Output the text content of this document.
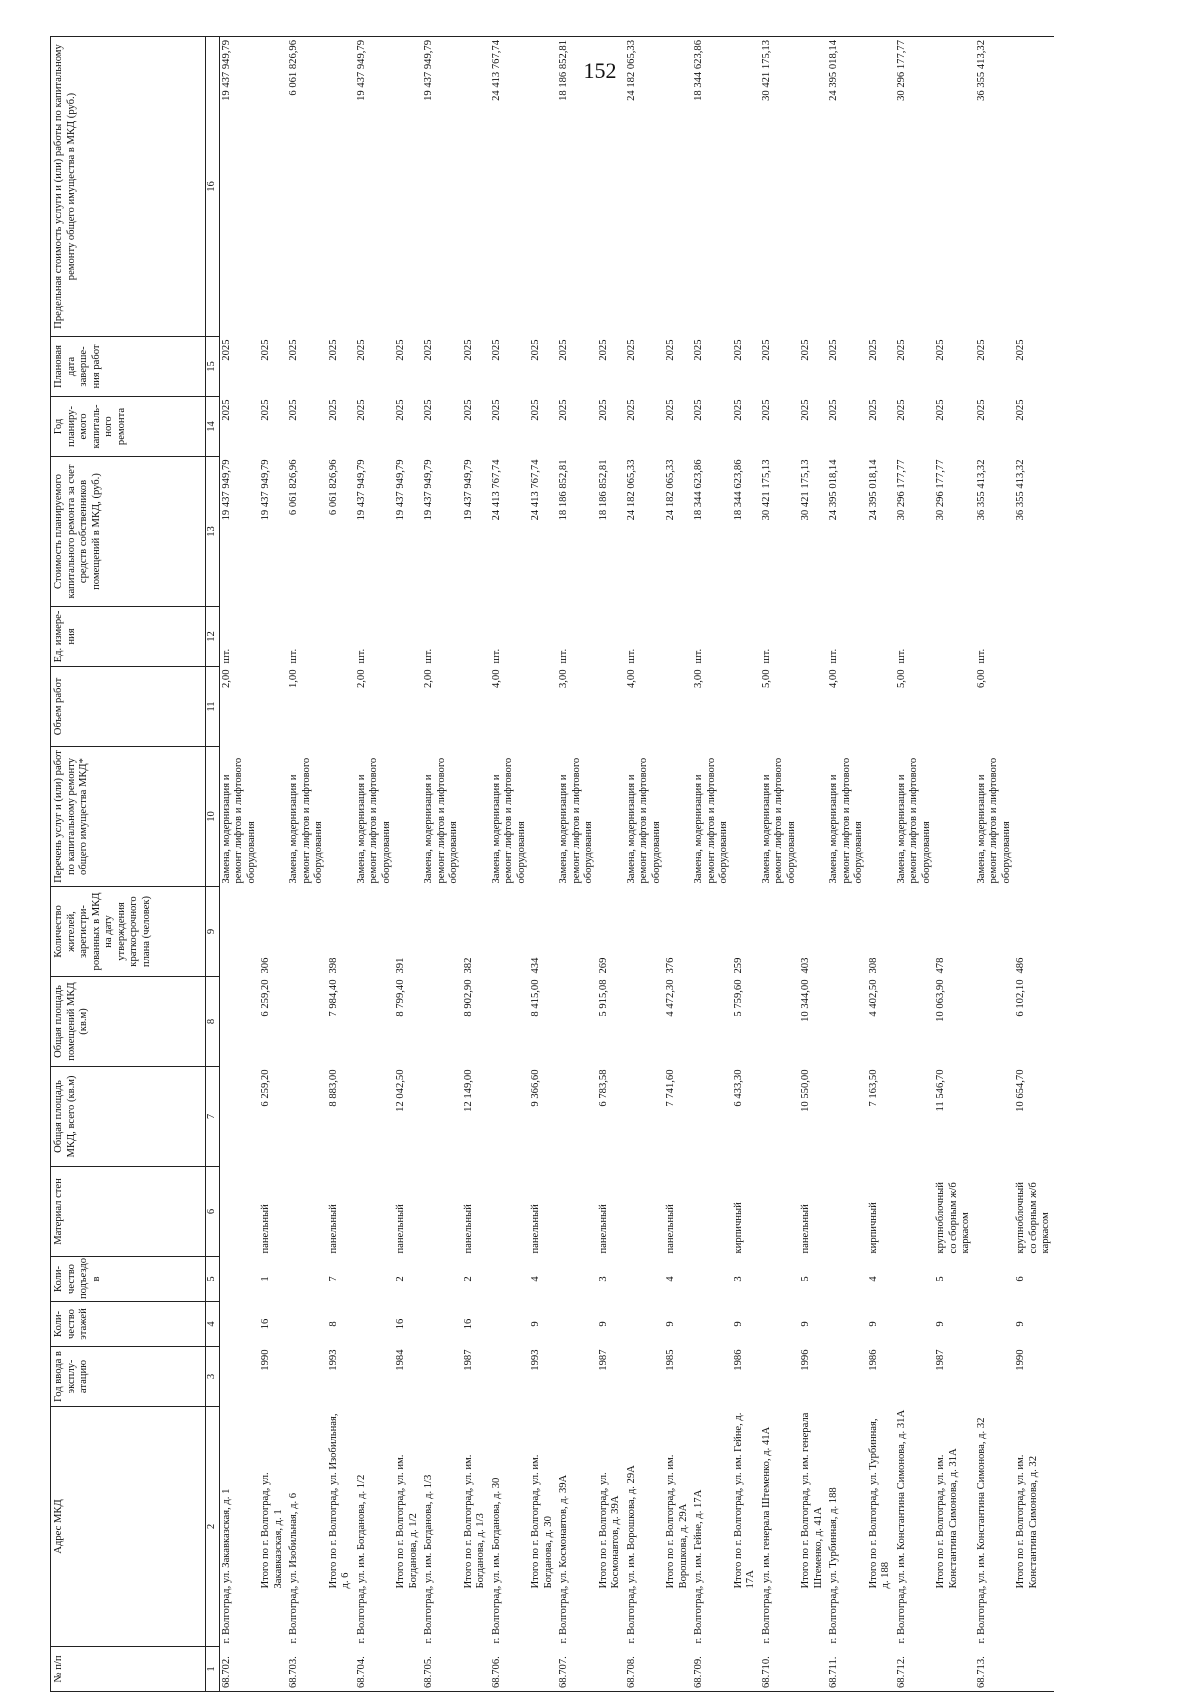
152
№ п/п	Адрес МКД	Год ввода в эксплу-атацию	Коли-чество этажей	Коли-чество подъездо в	Материал стен	Общая площадь МКД, всего (кв.м)	Общая площадь помещений МКД (кв.м)	Количество жителей, зарегистри-рованных в МКД на дату утверждения краткосрочного плана (человек)	Перечень услуг и (или) работ по капитальному ремонту общего имущества МКД*	Объем работ	Ед. измере-ния	Стоимость планируемого капитального ремонта за счет средств собственников помещений в МКД, (руб.)	Год планиру-емого капиталь-ного ремонта	Плановая дата заверше-ния работ	Предельная стоимость услуги и (или) работы по капитальному ремонту общего имущества в МКД (руб.)
1	2	3	4	5	6	7	8	9	10	11	12	13	14	15	16
68.702.	г. Волгоград, ул. Закавказская, д. 1								Замена, модернизация и ремонт лифтов и лифтового оборудования	2,00	шт.	19 437 949,79	2025	2025	19 437 949,79
	Итого по г. Волгоград, ул. Закавказская, д. 1	1990	16	1	панельный	6 259,20	6 259,20	306				19 437 949,79	2025	2025	
68.703.	г. Волгоград, ул. Изобильная, д. 6								Замена, модернизация и ремонт лифтов и лифтового оборудования	1,00	шт.	6 061 826,96	2025	2025	6 061 826,96
	Итого по г. Волгоград, ул. Изобильная, д. 6	1993	8	7	панельный	8 883,00	7 984,40	398				6 061 826,96	2025	2025	
68.704.	г. Волгоград, ул. им. Богданова, д. 1/2								Замена, модернизация и ремонт лифтов и лифтового оборудования	2,00	шт.	19 437 949,79	2025	2025	19 437 949,79
	Итого по г. Волгоград, ул. им. Богданова, д. 1/2	1984	16	2	панельный	12 042,50	8 799,40	391				19 437 949,79	2025	2025	
68.705.	г. Волгоград, ул. им. Богданова, д. 1/3								Замена, модернизация и ремонт лифтов и лифтового оборудования	2,00	шт.	19 437 949,79	2025	2025	19 437 949,79
	Итого по г. Волгоград, ул. им. Богданова, д. 1/3	1987	16	2	панельный	12 149,00	8 902,90	382				19 437 949,79	2025	2025	
68.706.	г. Волгоград, ул. им. Богданова, д. 30								Замена, модернизация и ремонт лифтов и лифтового оборудования	4,00	шт.	24 413 767,74	2025	2025	24 413 767,74
	Итого по г. Волгоград, ул. им. Богданова, д. 30	1993	9	4	панельный	9 366,60	8 415,00	434				24 413 767,74	2025	2025	
68.707.	г. Волгоград, ул. Космонавтов, д. 39А								Замена, модернизация и ремонт лифтов и лифтового оборудования	3,00	шт.	18 186 852,81	2025	2025	18 186 852,81
	Итого по г. Волгоград, ул. Космонавтов, д. 39А	1987	9	3	панельный	6 783,58	5 915,08	269				18 186 852,81	2025	2025	
68.708.	г. Волгоград, ул. им. Ворошкова, д. 29А								Замена, модернизация и ремонт лифтов и лифтового оборудования	4,00	шт.	24 182 065,33	2025	2025	24 182 065,33
	Итого по г. Волгоград, ул. им. Ворошкова, д. 29А	1985	9	4	панельный	7 741,60	4 472,30	376				24 182 065,33	2025	2025	
68.709.	г. Волгоград, ул. им. Гейне, д. 17А								Замена, модернизация и ремонт лифтов и лифтового оборудования	3,00	шт.	18 344 623,86	2025	2025	18 344 623,86
	Итого по г. Волгоград, ул. им. Гейне, д. 17А	1986	9	3	кирпичный	6 433,30	5 759,60	259				18 344 623,86	2025	2025	
68.710.	г. Волгоград, ул. им. генерала Штеменко, д. 41А								Замена, модернизация и ремонт лифтов и лифтового оборудования	5,00	шт.	30 421 175,13	2025	2025	30 421 175,13
	Итого по г. Волгоград, ул. им. генерала Штеменко, д. 41А	1996	9	5	панельный	10 550,00	10 344,00	403				30 421 175,13	2025	2025	
68.711.	г. Волгоград, ул. Турбинная, д. 188								Замена, модернизация и ремонт лифтов и лифтового оборудования	4,00	шт.	24 395 018,14	2025	2025	24 395 018,14
	Итого по г. Волгоград, ул. Турбинная, д. 188	1986	9	4	кирпичный	7 163,50	4 402,50	308				24 395 018,14	2025	2025	
68.712.	г. Волгоград, ул. им. Константина Симонова, д. 31А								Замена, модернизация и ремонт лифтов и лифтового оборудования	5,00	шт.	30 296 177,77	2025	2025	30 296 177,77
	Итого по г. Волгоград, ул. им. Константина Симонова, д. 31А	1987	9	5	крупноблочный со сборным ж/б каркасом	11 546,70	10 063,90	478				30 296 177,77	2025	2025	
68.713.	г. Волгоград, ул. им. Константина Симонова, д. 32								Замена, модернизация и ремонт лифтов и лифтового оборудования	6,00	шт.	36 355 413,32	2025	2025	36 355 413,32
	Итого по г. Волгоград, ул. им. Константина Симонова, д. 32	1990	9	6	крупноблочный со сборным ж/б каркасом	10 654,70	6 102,10	486				36 355 413,32	2025	2025	
